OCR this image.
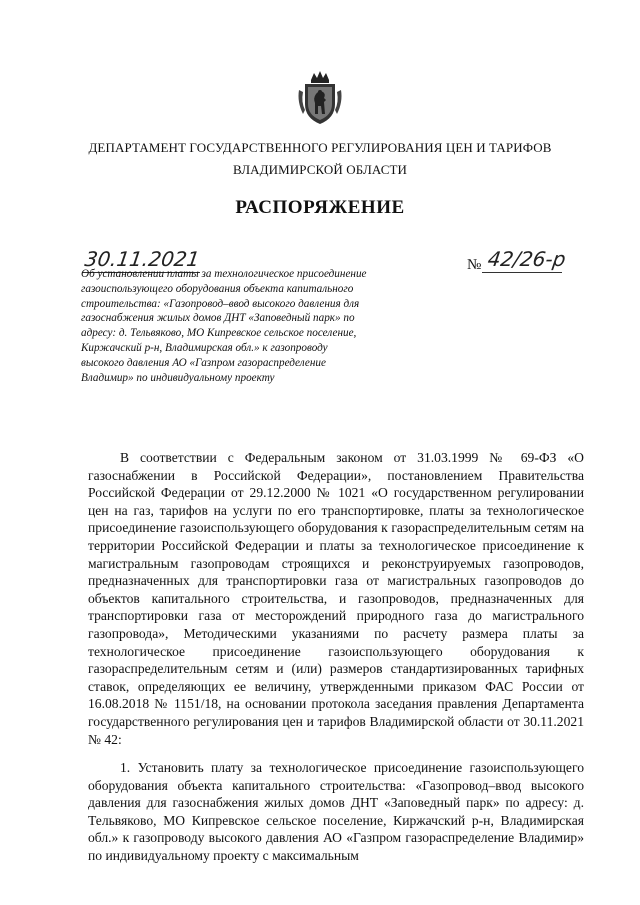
ДЕПАРТАМЕНТ ГОСУДАРСТВЕННОГО РЕГУЛИРОВАНИЯ ЦЕН И ТАРИФОВ
ВЛАДИМИРСКОЙ ОБЛАСТИ
РАСПОРЯЖЕНИЕ
30.11.2021	№ 42/26-р

Об установлении платы за технологическое присоединение газоиспользующего оборудования объекта капитального строительства: «Газопровод–ввод высокого давления для газоснабжения жилых домов ДНТ «Заповедный парк» по адресу: д. Тельвяково, МО Кипревское сельское поселение, Киржачский р-н, Владимирская обл.» к газопроводу высокого давления АО «Газпром газораспределение Владимир» по индивидуальному проекту

В соответствии с Федеральным законом от 31.03.1999 № 69-ФЗ «О газоснабжении в Российской Федерации», постановлением Правительства Российской Федерации от 29.12.2000 № 1021 «О государственном регулировании цен на газ, тарифов на услуги по его транспортировке, платы за технологическое присоединение газоиспользующего оборудования к газораспределительным сетям на территории Российской Федерации и платы за технологическое присоединение к магистральным газопроводам строящихся и реконструируемых газопроводов, предназначенных для транспортировки газа от магистральных газопроводов до объектов капитального строительства, и газопроводов, предназначенных для транспортировки газа от месторождений природного газа до магистрального газопровода», Методическими указаниями по расчету размера платы за технологическое присоединение газоиспользующего оборудования к газораспределительным сетям и (или) размеров стандартизированных тарифных ставок, определяющих ее величину, утвержденными приказом ФАС России от 16.08.2018 № 1151/18, на основании протокола заседания правления Департамента государственного регулирования цен и тарифов Владимирской области от 30.11.2021 № 42:

1. Установить плату за технологическое присоединение газоиспользующего оборудования объекта капитального строительства: «Газопровод–ввод высокого давления для газоснабжения жилых домов ДНТ «Заповедный парк» по адресу: д. Тельвяково, МО Кипревское сельское поселение, Киржачский р-н, Владимирская обл.» к газопроводу высокого давления АО «Газпром газораспределение Владимир» по индивидуальному проекту с максимальным
